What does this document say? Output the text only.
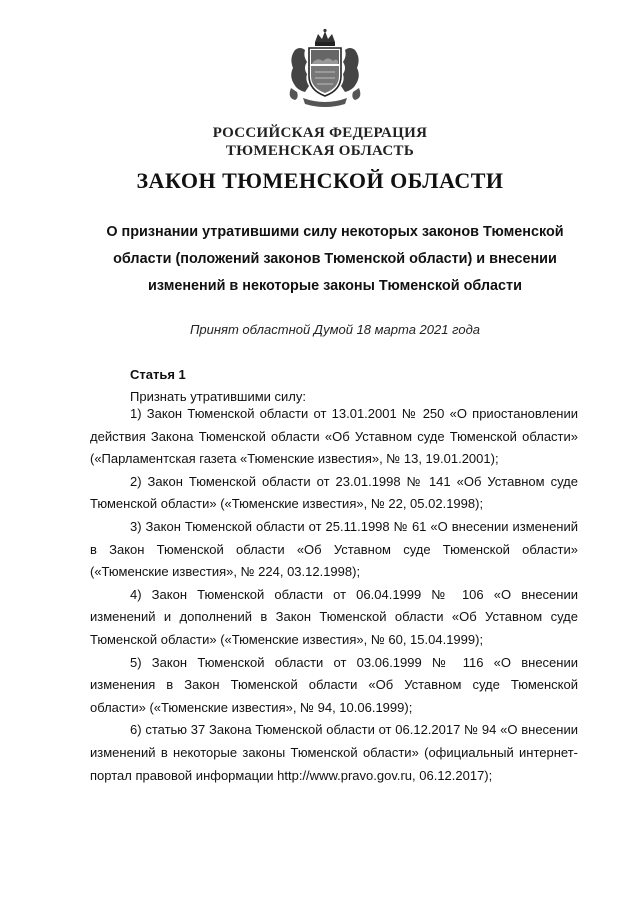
РОССИЙСКАЯ ФЕДЕРАЦИЯ
ТЮМЕНСКАЯ ОБЛАСТЬ
ЗАКОН ТЮМЕНСКОЙ ОБЛАСТИ
О признании утратившими силу некоторых законов Тюменской области (положений законов Тюменской области) и внесении изменений в некоторые законы Тюменской области
Принят областной Думой 18 марта 2021 года
Статья 1
Признать утратившими силу:

1) Закон Тюменской области от 13.01.2001 № 250 «О приостановлении действия Закона Тюменской области «Об Уставном суде Тюменской области» («Парламентская газета «Тюменские известия», № 13, 19.01.2001);

2) Закон Тюменской области от 23.01.1998 № 141 «Об Уставном суде Тюменской области» («Тюменские известия», № 22, 05.02.1998);

3) Закон Тюменской области от 25.11.1998 № 61 «О внесении изменений в Закон Тюменской области «Об Уставном суде Тюменской области» («Тюменские известия», № 224, 03.12.1998);

4) Закон Тюменской области от 06.04.1999 № 106 «О внесении изменений и дополнений в Закон Тюменской области «Об Уставном суде Тюменской области» («Тюменские известия», № 60, 15.04.1999);

5) Закон Тюменской области от 03.06.1999 № 116 «О внесении изменения в Закон Тюменской области «Об Уставном суде Тюменской области» («Тюменские известия», № 94, 10.06.1999);

6) статью 37 Закона Тюменской области от 06.12.2017 № 94 «О внесении изменений в некоторые законы Тюменской области» (официальный интернет-портал правовой информации http://www.pravo.gov.ru, 06.12.2017);
